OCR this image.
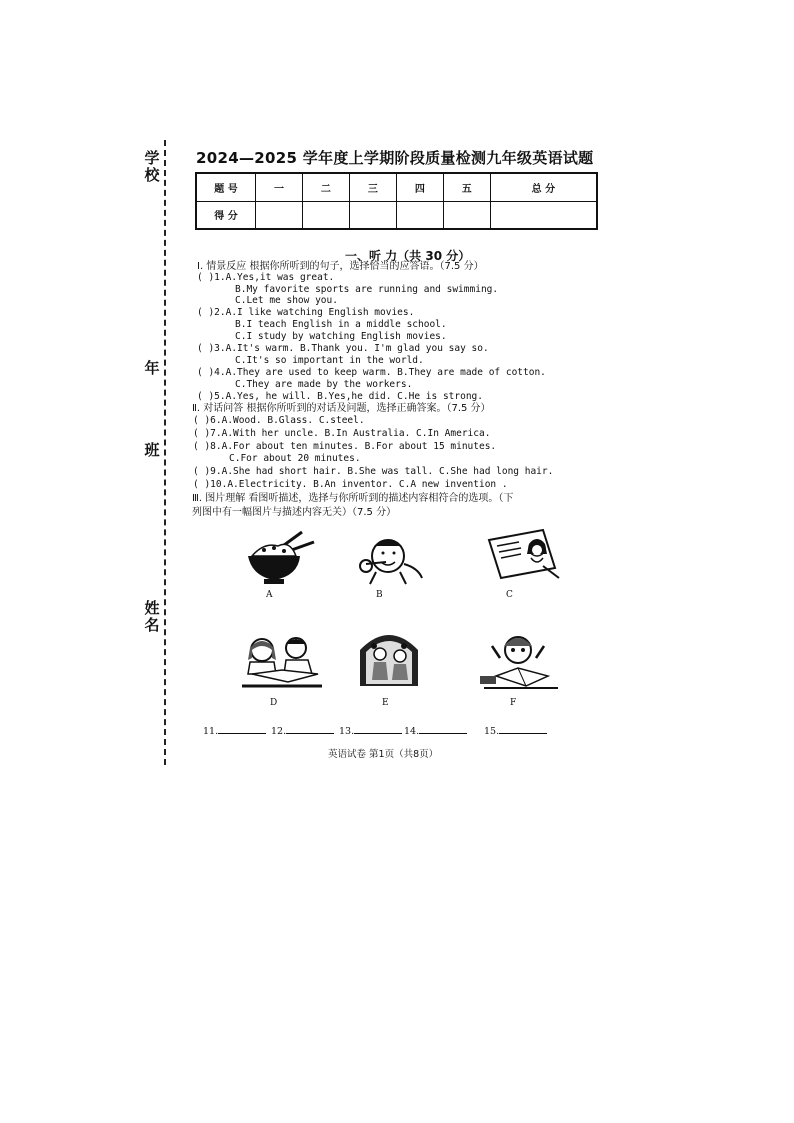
学校
年
班
姓名
2024—2025 学年度上学期阶段质量检测九年级英语试题
题 号	一	二	三	四	五	总 分
得 分						
一、听 力（共 30 分）
Ⅰ. 情景反应 根据你所听到的句子，选择恰当的应答语。（7.5 分）
( )1.A.Yes,it was great.
B.My favorite sports are running and swimming.
C.Let me show you.
( )2.A.I like watching English movies.
B.I teach English in a middle school.
C.I study by watching English movies.
( )3.A.It's warm. B.Thank you. I'm glad you say so.
C.It's so important in the world.
( )4.A.They are used to keep warm. B.They are made of cotton.
C.They are made by the workers.
( )5.A.Yes, he will. B.Yes,he did. C.He is strong.
Ⅱ. 对话问答 根据你所听到的对话及问题，选择正确答案。（7.5 分）
( )6.A.Wood. B.Glass. C.steel.
( )7.A.With her uncle. B.In Australia. C.In America.
( )8.A.For about ten minutes. B.For about 15 minutes.
C.For about 20 minutes.
( )9.A.She had short hair. B.She was tall. C.She had long hair.
( )10.A.Electricity. B.An inventor. C.A new invention .
Ⅲ. 图片理解 看图听描述，选择与你所听到的描述内容相符合的选项。（下
列图中有一幅图片与描述内容无关）（7.5 分）
A	B	C
D	E	F
11.	12.	13.	14.	15.
英语试卷 第1页（共8页）
